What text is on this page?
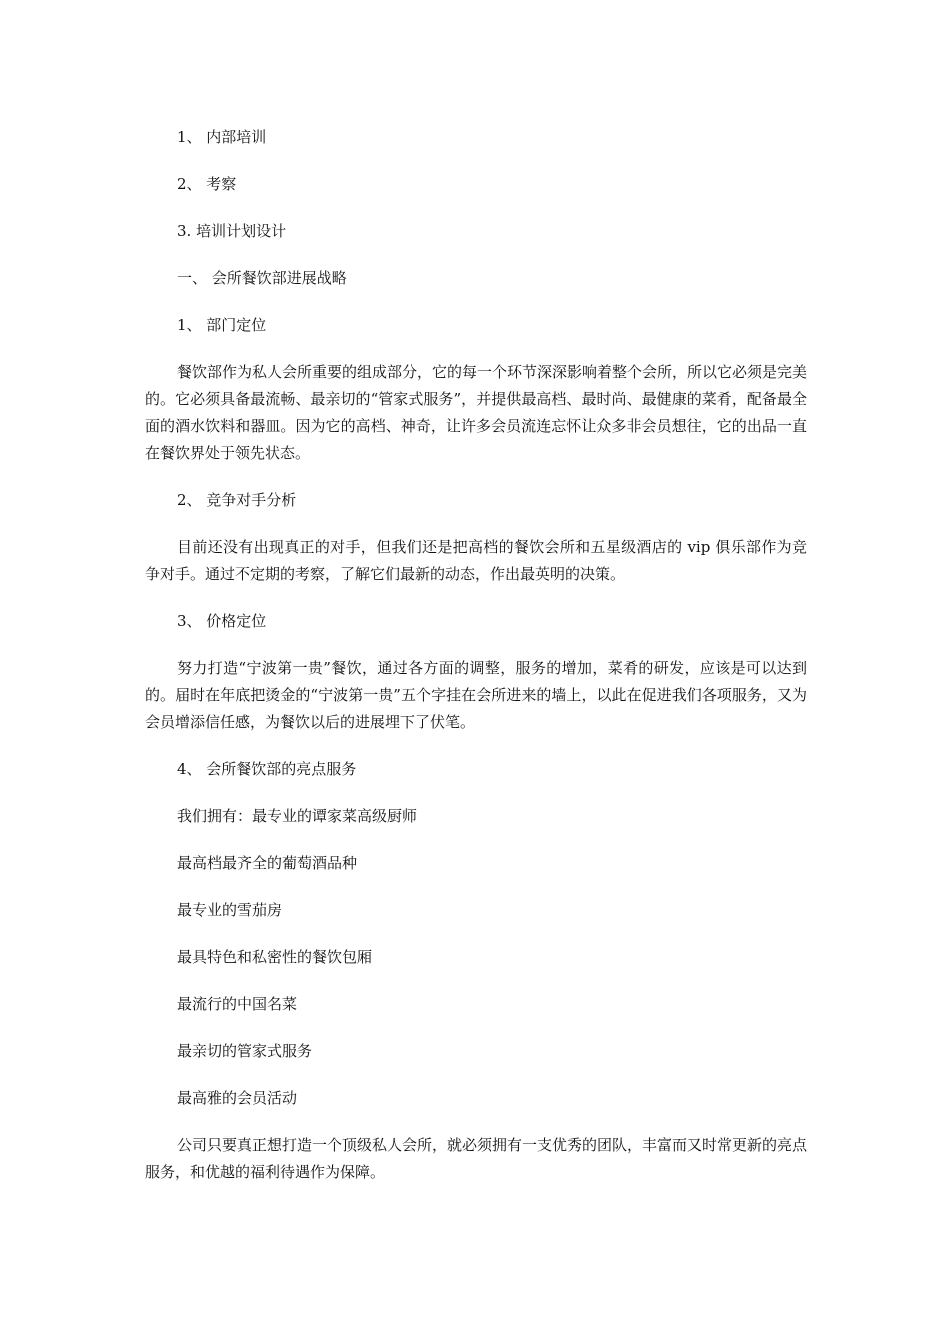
1、 内部培训

2、 考察

3. 培训计划设计

一、 会所餐饮部进展战略

1、 部门定位

餐饮部作为私人会所重要的组成部分，它的每一个环节深深影响着整个会所，所以它必须是完美的。它必须具备最流畅、最亲切的“管家式服务”，并提供最高档、最时尚、最健康的菜肴，配备最全面的酒水饮料和器皿。因为它的高档、神奇，让许多会员流连忘怀让众多非会员想往，它的出品一直在餐饮界处于领先状态。

2、 竞争对手分析

目前还没有出现真正的对手，但我们还是把高档的餐饮会所和五星级酒店的 vip 俱乐部作为竞争对手。通过不定期的考察，了解它们最新的动态，作出最英明的决策。

3、 价格定位

努力打造“宁波第一贵”餐饮，通过各方面的调整，服务的增加，菜肴的研发，应该是可以达到的。届时在年底把烫金的“宁波第一贵”五个字挂在会所进来的墙上，以此在促进我们各项服务，又为会员增添信任感，为餐饮以后的进展埋下了伏笔。

4、 会所餐饮部的亮点服务

我们拥有：最专业的谭家菜高级厨师

最高档最齐全的葡萄酒品种

最专业的雪茄房

最具特色和私密性的餐饮包厢

最流行的中国名菜

最亲切的管家式服务

最高雅的会员活动

公司只要真正想打造一个顶级私人会所，就必须拥有一支优秀的团队，丰富而又时常更新的亮点服务，和优越的福利待遇作为保障。
